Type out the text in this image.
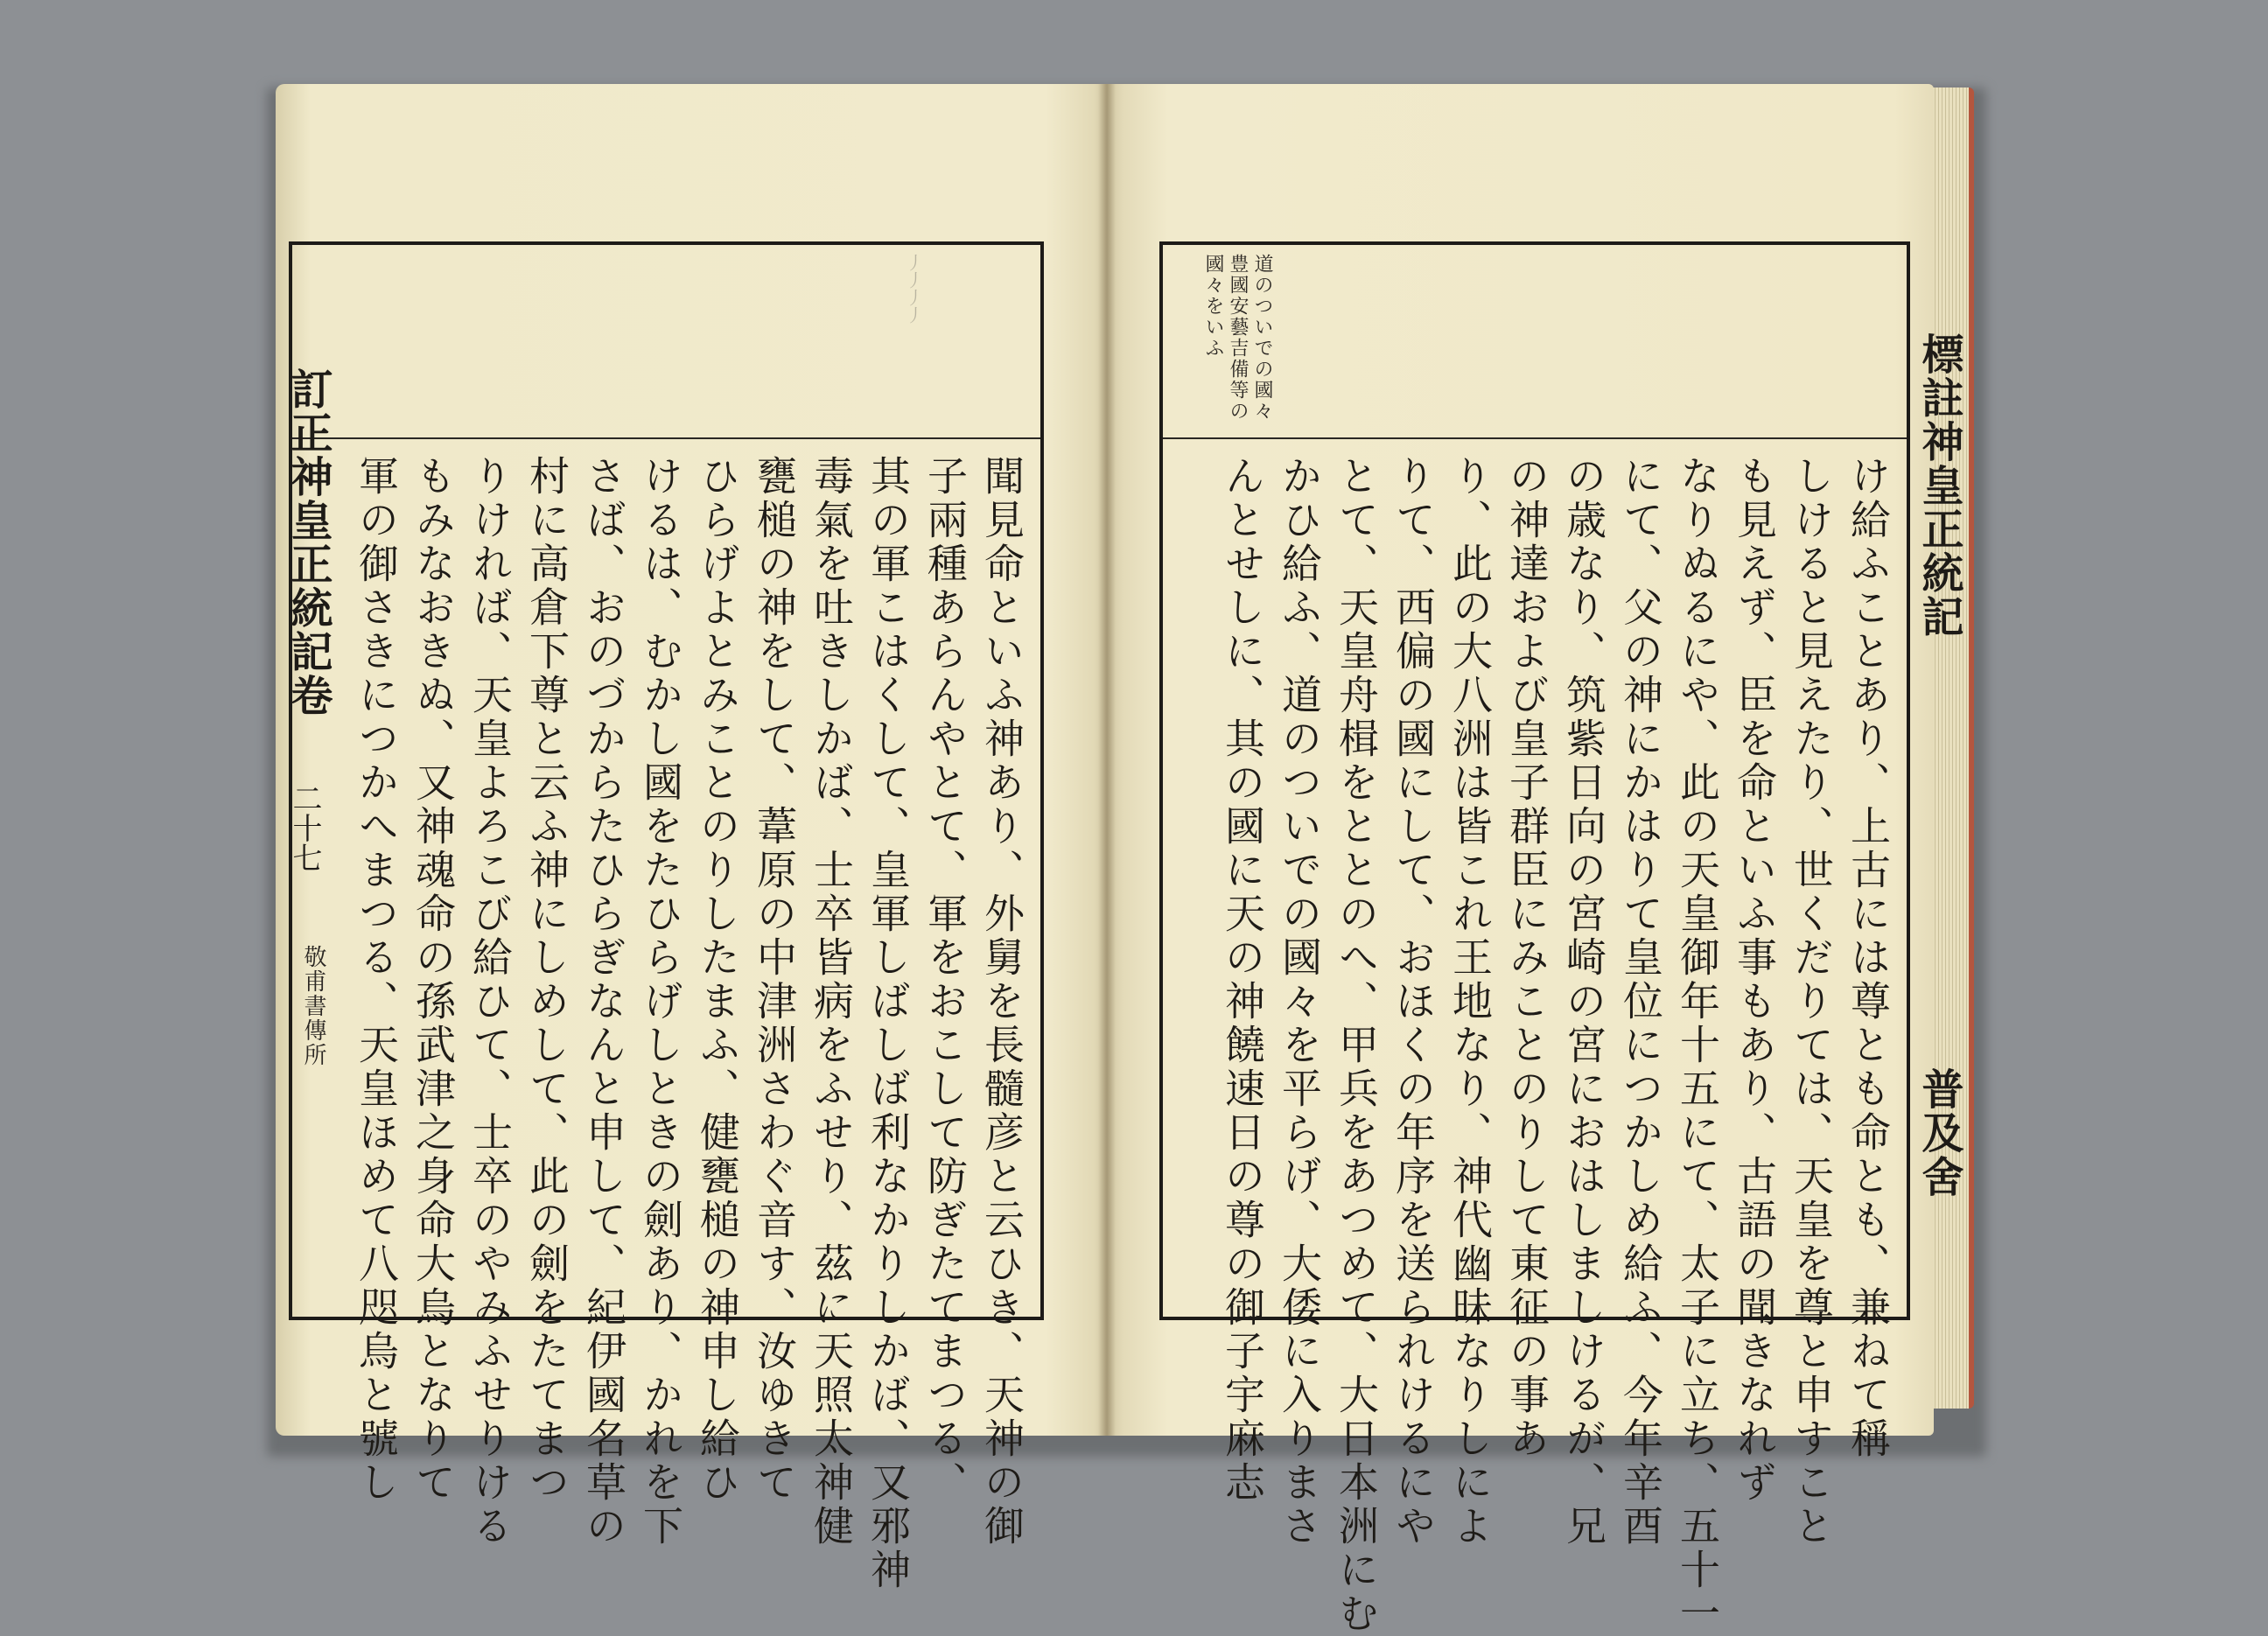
丿丿丿丿
訂正神皇正統記卷
二十七
敬甫書傳所	聞見命といふ神あり、外舅を長髓彦と云ひき、天神の御
子兩種あらんやとて、軍をおこして防ぎたてまつる、
其の軍こはくして、皇軍しばしば利なかりしかば、又邪神
毒氣を吐きしかば、士卒皆病をふせり、茲に天照太神健
甕槌の神をして、葦原の中津洲さわぐ音す、汝ゆきて
ひらげよとみことのりしたまふ、健甕槌の神申し給ひ
けるは、むかし國をたひらげしときの劍あり、かれを下
さば、おのづからたひらぎなんと申して、紀伊國名草の
村に高倉下尊と云ふ神にしめして、此の劍をたてまつ
りければ、天皇よろこび給ひて、士卒のやみふせりける
もみなおきぬ、又神魂命の孫武津之身命大烏となりて
軍の御さきにつかへまつる、天皇ほめて八咫烏と號し
道のついでの國々豊國安藝吉備等の國々をいふ
標註神皇正統記
普及舍
け給ふことあり、上古には尊とも命とも、兼ねて稱
しけると見えたり、世くだりては、天皇を尊と申すこと
も見えず、臣を命といふ事もあり、古語の聞きなれず
なりぬるにや、此の天皇御年十五にて、太子に立ち、五十一
にて、父の神にかはりて皇位につかしめ給ふ、今年辛酉
の歳なり、筑紫日向の宮崎の宮におはしましけるが、兄
の神達および皇子群臣にみことのりして東征の事あ
り、此の大八洲は皆これ王地なり、神代幽昧なりしによ
りて、西偏の國にして、おほくの年序を送られけるにや
とて、天皇舟楫をととのへ、甲兵をあつめて、大日本洲にむ
かひ給ふ、道のついでの國々を平らげ、大倭に入りまさ
んとせしに、其の國に天の神饒速日の尊の御子宇麻志
